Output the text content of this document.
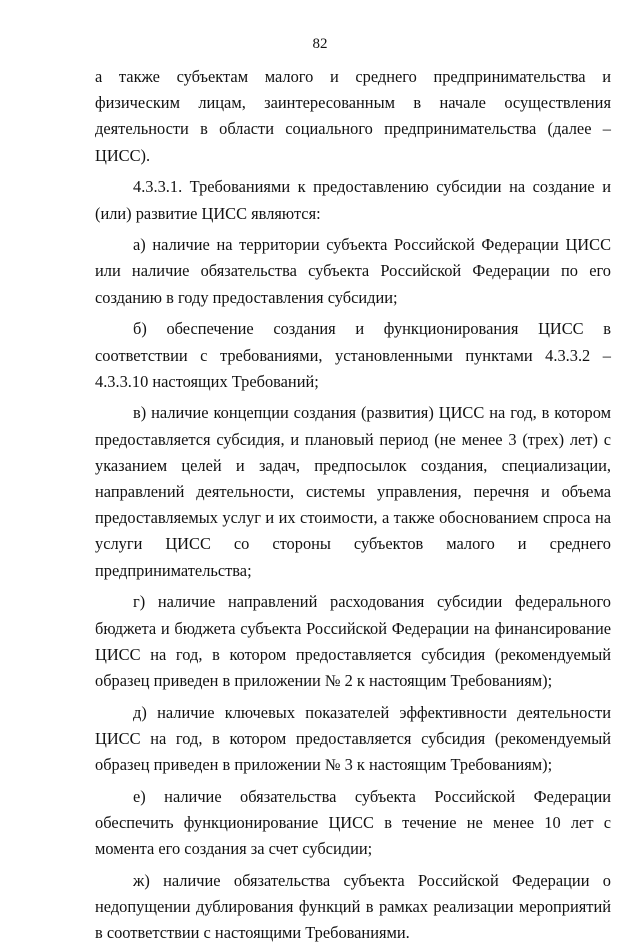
82

а также субъектам малого и среднего предпринимательства и физическим лицам, заинтересованным в начале осуществления деятельности в области социального предпринимательства (далее – ЦИСС).

4.3.3.1. Требованиями к предоставлению субсидии на создание и (или) развитие ЦИСС являются:

а) наличие на территории субъекта Российской Федерации ЦИСС или наличие обязательства субъекта Российской Федерации по его созданию в году предоставления субсидии;

б) обеспечение создания и функционирования ЦИСС в соответствии с требованиями, установленными пунктами 4.3.3.2 – 4.3.3.10 настоящих Требований;

в) наличие концепции создания (развития) ЦИСС на год, в котором предоставляется субсидия, и плановый период (не менее 3 (трех) лет) с указанием целей и задач, предпосылок создания, специализации, направлений деятельности, системы управления, перечня и объема предоставляемых услуг и их стоимости, а также обоснованием спроса на услуги ЦИСС со стороны субъектов малого и среднего предпринимательства;

г) наличие направлений расходования субсидии федерального бюджета и бюджета субъекта Российской Федерации на финансирование ЦИСС на год, в котором предоставляется субсидия (рекомендуемый образец приведен в приложении № 2 к настоящим Требованиям);

д) наличие ключевых показателей эффективности деятельности ЦИСС на год, в котором предоставляется субсидия (рекомендуемый образец приведен в приложении № 3 к настоящим Требованиям);

е) наличие обязательства субъекта Российской Федерации обеспечить функционирование ЦИСС в течение не менее 10 лет с момента его создания за счет субсидии;

ж) наличие обязательства субъекта Российской Федерации о недопущении дублирования функций в рамках реализации мероприятий в соответствии с настоящими Требованиями.
